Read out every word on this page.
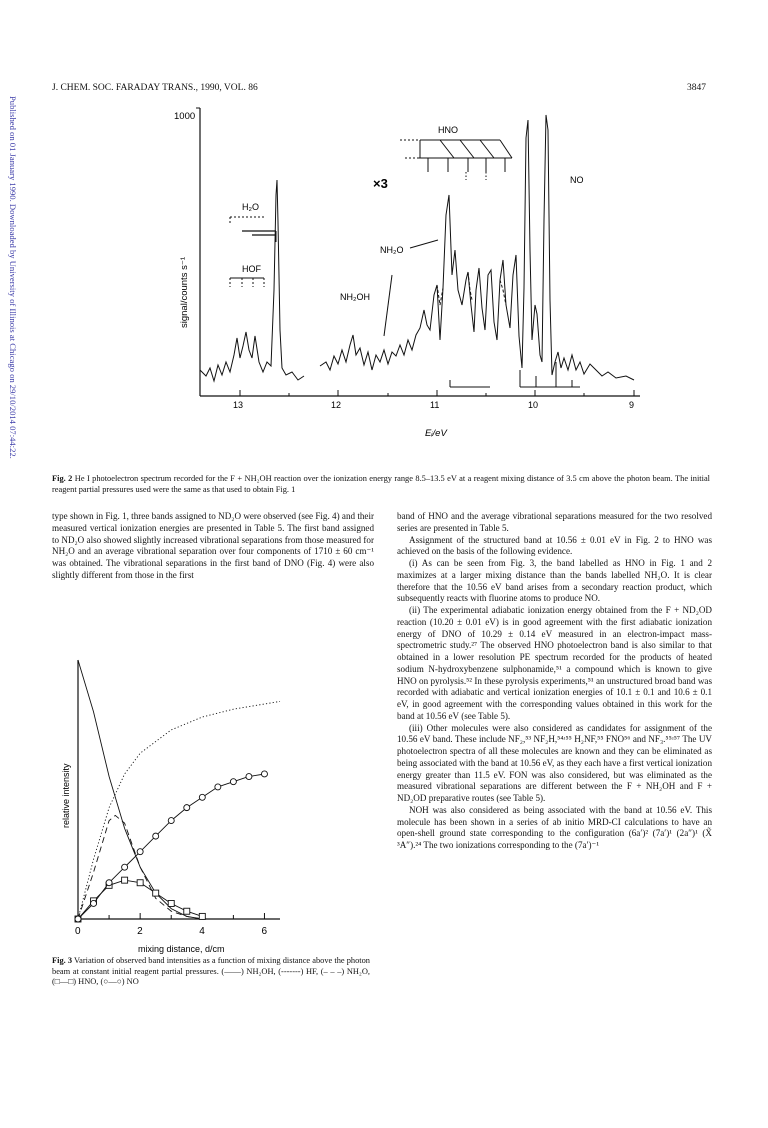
J. CHEM. SOC. FARADAY TRANS., 1990, VOL. 86	3847
Published on 01 January 1990. Downloaded by University of Illinois at Chicago on 29/10/2014 07:44:22.	1000
signal/counts s⁻¹
13	12	11	10	9
Eᵢ/eV
HNO
×3	NO
H₂O
HOF
NH₂O
NH₂OH
Fig. 2 He I photoelectron spectrum recorded for the F + NH₂OH reaction over the ionization energy range 8.5–13.5 eV at a reagent mixing distance of 3.5 cm above the photon beam. The initial reagent partial pressures used were the same as that used to obtain Fig. 1

type shown in Fig. 1, three bands assigned to ND₂O were observed (see Fig. 4) and their measured vertical ionization energies are presented in Table 5. The first band assigned to ND₂O also showed slightly increased vibrational separations from those measured for NH₂O and an average vibrational separation over four components of 1710 ± 60 cm⁻¹ was obtained. The vibrational separations in the first band of DNO (Fig. 4) were also slightly different from those in the first

0	2	4	6
relative intensity
mixing distance, d/cm
Fig. 3 Variation of observed band intensities as a function of mixing distance above the photon beam at constant initial reagent partial pressures. (——) NH₂OH, (-------) HF, (– – –) NH₂O, (□—□) HNO, (○—○) NO

band of HNO and the average vibrational separations measured for the two resolved series are presented in Table 5.

Assignment of the structured band at 10.56 ± 0.01 eV in Fig. 2 to HNO was achieved on the basis of the following evidence.

(i) As can be seen from Fig. 3, the band labelled as HNO in Fig. 1 and 2 maximizes at a larger mixing distance than the bands labelled NH₂O. It is clear therefore that the 10.56 eV band arises from a secondary reaction product, which subsequently reacts with fluorine atoms to produce NO.

(ii) The experimental adiabatic ionization energy obtained from the F + ND₂OD reaction (10.20 ± 0.01 eV) is in good agreement with the first adiabatic ionization energy of DNO of 10.29 ± 0.14 eV measured in an electron-impact mass-spectrometric study.²⁷ The observed HNO photoelectron band is also similar to that obtained in a lower resolution PE spectrum recorded for the products of heated sodium N-hydroxybenzene sulphonamide,⁵¹ a compound which is known to give HNO on pyrolysis.⁵² In these pyrolysis experiments,⁵¹ an unstructured broad band was recorded with adiabatic and vertical ionization energies of 10.1 ± 0.1 and 10.6 ± 0.1 eV, in good agreement with the corresponding values obtained in this work for the band at 10.56 eV (see Table 5).

(iii) Other molecules were also considered as candidates for assignment of the 10.56 eV band. These include NF₂,⁵³ NF₂H,⁵⁴ʴ⁵⁵ H₂NF,⁵⁵ FNO⁵⁶ and NF₃.⁵⁵ʴ⁵⁷ The UV photoelectron spectra of all these molecules are known and they can be eliminated as being associated with the band at 10.56 eV, as they each have a first vertical ionization energy greater than 11.5 eV. FON was also considered, but was eliminated as the measured vibrational separations are different between the F + NH₂OH and F + ND₂OD preparative routes (see Table 5).

NOH was also considered as being associated with the band at 10.56 eV. This molecule has been shown in a series of ab initio MRD-CI calculations to have an open-shell ground state corresponding to the configuration (6a′)² (7a′)¹ (2a″)¹ (X̃ ³A″).²⁴ The two ionizations corresponding to the (7a′)⁻¹
